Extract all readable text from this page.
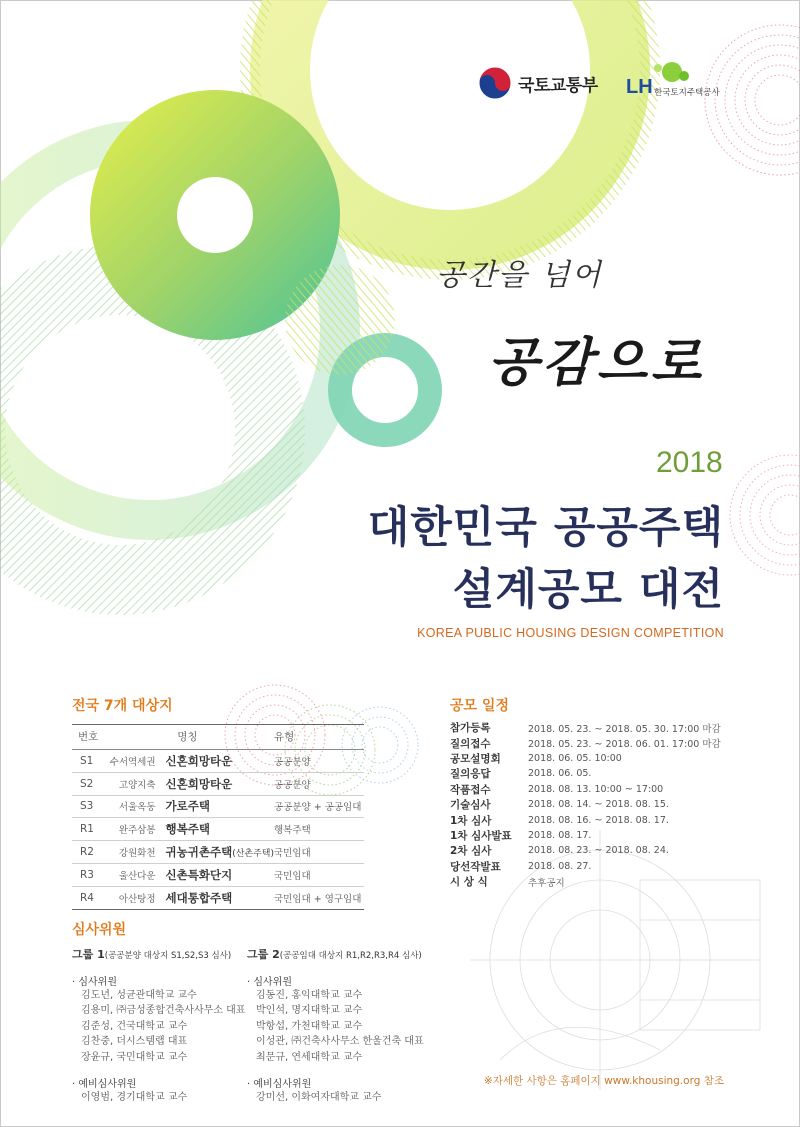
국토교통부 LH 한국토지주택공사
공간을 넘어
공감으로
2018
대한민국 공공주택
설계공모 대전
KOREA PUBLIC HOUSING DESIGN COMPETITION
전국 7개 대상지
번호	명칭		유형
S1	수서역세권	신혼희망타운	공공분양
S2	고양지축	신혼희망타운	공공분양
S3	서울옥동	가로주택	공공분양 + 공공임대
R1	완주삼봉	행복주택	행복주택
R2	강원화천	귀농귀촌주택(산촌주택)	국민임대
R3	울산다운	신촌특화단지	국민임대
R4	아산탕정	세대통합주택	국민임대 + 영구임대
공모 일정
참가등록	2018. 05. 23. ~ 2018. 05. 30. 17:00 마감
질의접수	2018. 05. 23. ~ 2018. 06. 01. 17:00 마감
공모설명회	2018. 06. 05. 10:00
질의응답	2018. 06. 05.
작품접수	2018. 08. 13. 10:00 ~ 17:00
기술심사	2018. 08. 14. ~ 2018. 08. 15.
1차 심사	2018. 08. 16. ~ 2018. 08. 17.
1차 심사발표	2018. 08. 17.
2차 심사	2018. 08. 23. ~ 2018. 08. 24.
당선작발표	2018. 08. 27.
시 상 식	추후공지
심사위원
그룹 1(공공분양 대상지 S1,S2,S3 심사)
· 심사위원
김도년, 성균관대학교 교수
김용미, ㈜금성종합건축사사무소 대표
김준성, 건국대학교 교수
김찬중, 더시스템랩 대표
장윤규, 국민대학교 교수
· 예비심사위원
이영범, 경기대학교 교수
그룹 2(공공임대 대상지 R1,R2,R3,R4 심사)
· 심사위원
김동진, 홍익대학교 교수
박인석, 명지대학교 교수
박항섭, 가천대학교 교수
이성관, ㈜건축사사무소 한울건축 대표
최문규, 연세대학교 교수
· 예비심사위원
강미선, 이화여자대학교 교수
※자세한 사항은 홈페이지 www.khousing.org 참조
